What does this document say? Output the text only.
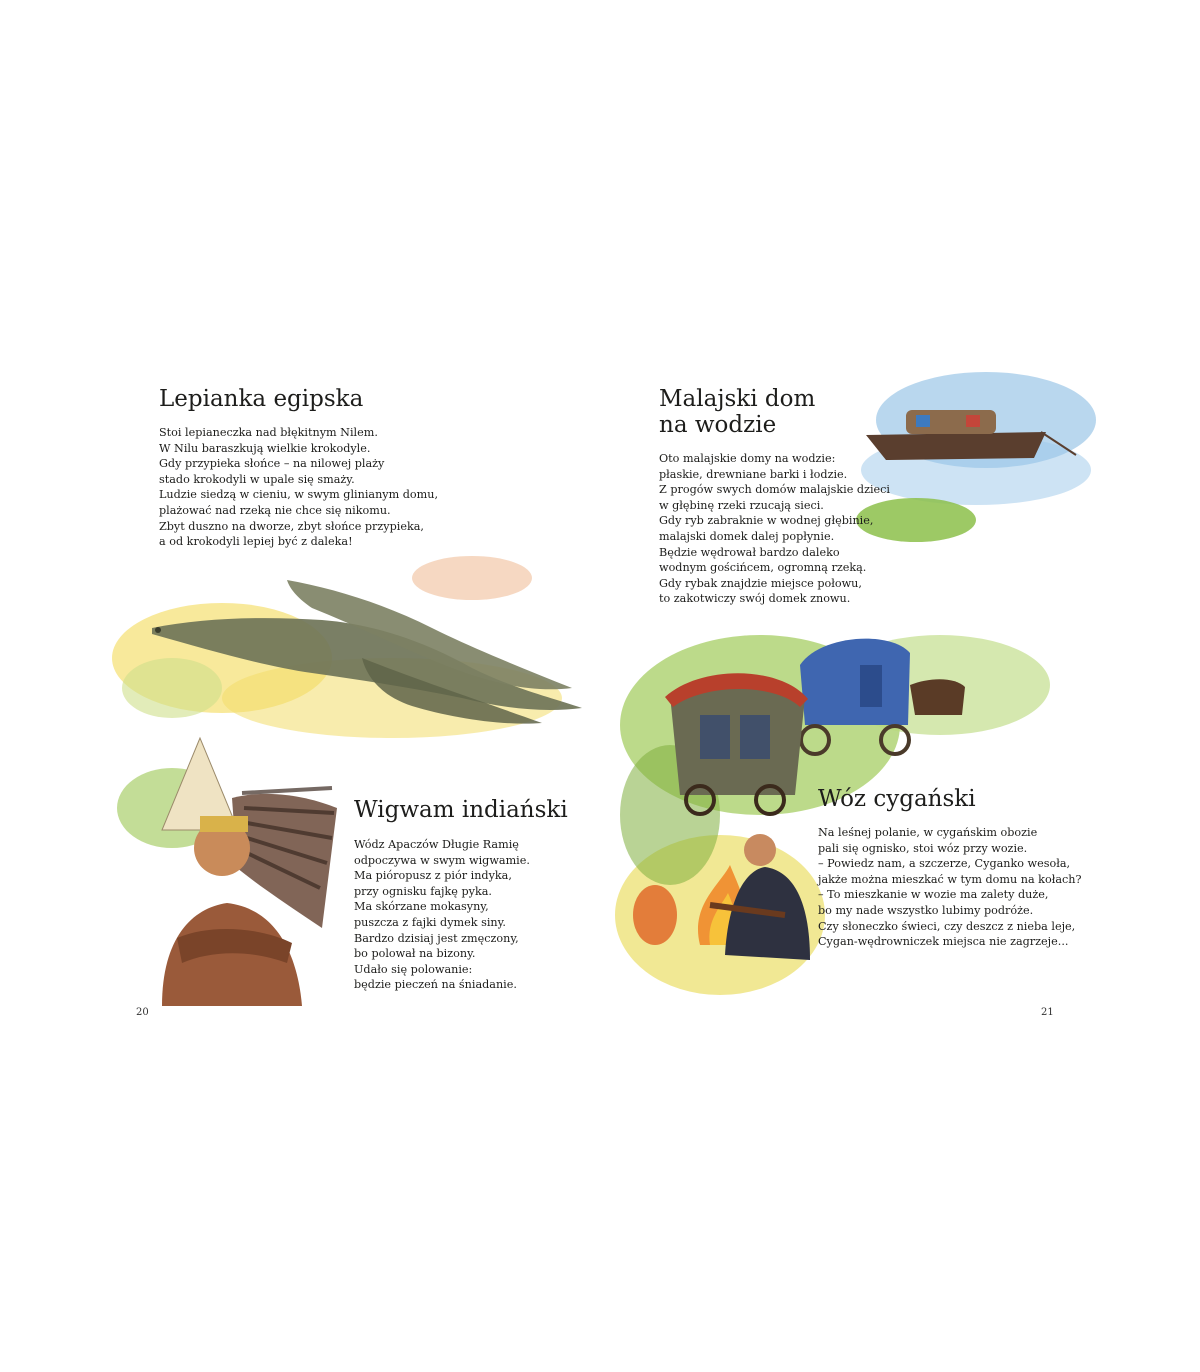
Lepianka egipska
Stoi lepianeczka nad błękitnym Nilem.
W Nilu baraszkują wielkie krokodyle.
Gdy przypieka słońce – na nilowej plaży
stado krokodyli w upale się smaży.
Ludzie siedzą w cieniu, w swym glinianym domu,
plażować nad rzeką nie chce się nikomu.
Zbyt duszno na dworze, zbyt słońce przypieka,
a od krokodyli lepiej być z daleka!
Wigwam indiański
Wódz Apaczów Długie Ramię
odpoczywa w swym wigwamie.
Ma pióropusz z piór indyka,
przy ognisku fajkę pyka.
Ma skórzane mokasyny,
puszcza z fajki dymek siny.
Bardzo dzisiaj jest zmęczony,
bo polował na bizony.
Udało się polowanie:
będzie pieczeń na śniadanie.
20
Malajski dom
na wodzie
Oto malajskie domy na wodzie:
płaskie, drewniane barki i łodzie.
Z progów swych domów malajskie dzieci
w głębinę rzeki rzucają sieci.
Gdy ryb zabraknie w wodnej głębinie,
malajski domek dalej popłynie.
Będzie wędrował bardzo daleko
wodnym gościńcem, ogromną rzeką.
Gdy rybak znajdzie miejsce połowu,
to zakotwiczy swój domek znowu.
Wóz cygański
Na leśnej polanie, w cygańskim obozie
pali się ognisko, stoi wóz przy wozie.
– Powiedz nam, a szczerze, Cyganko wesoła,
jakże można mieszkać w tym domu na kołach?
– To mieszkanie w wozie ma zalety duże,
bo my nade wszystko lubimy podróże.
Czy słoneczko świeci, czy deszcz z nieba leje,
Cygan-wędrowniczek miejsca nie zagrzeje...
21
